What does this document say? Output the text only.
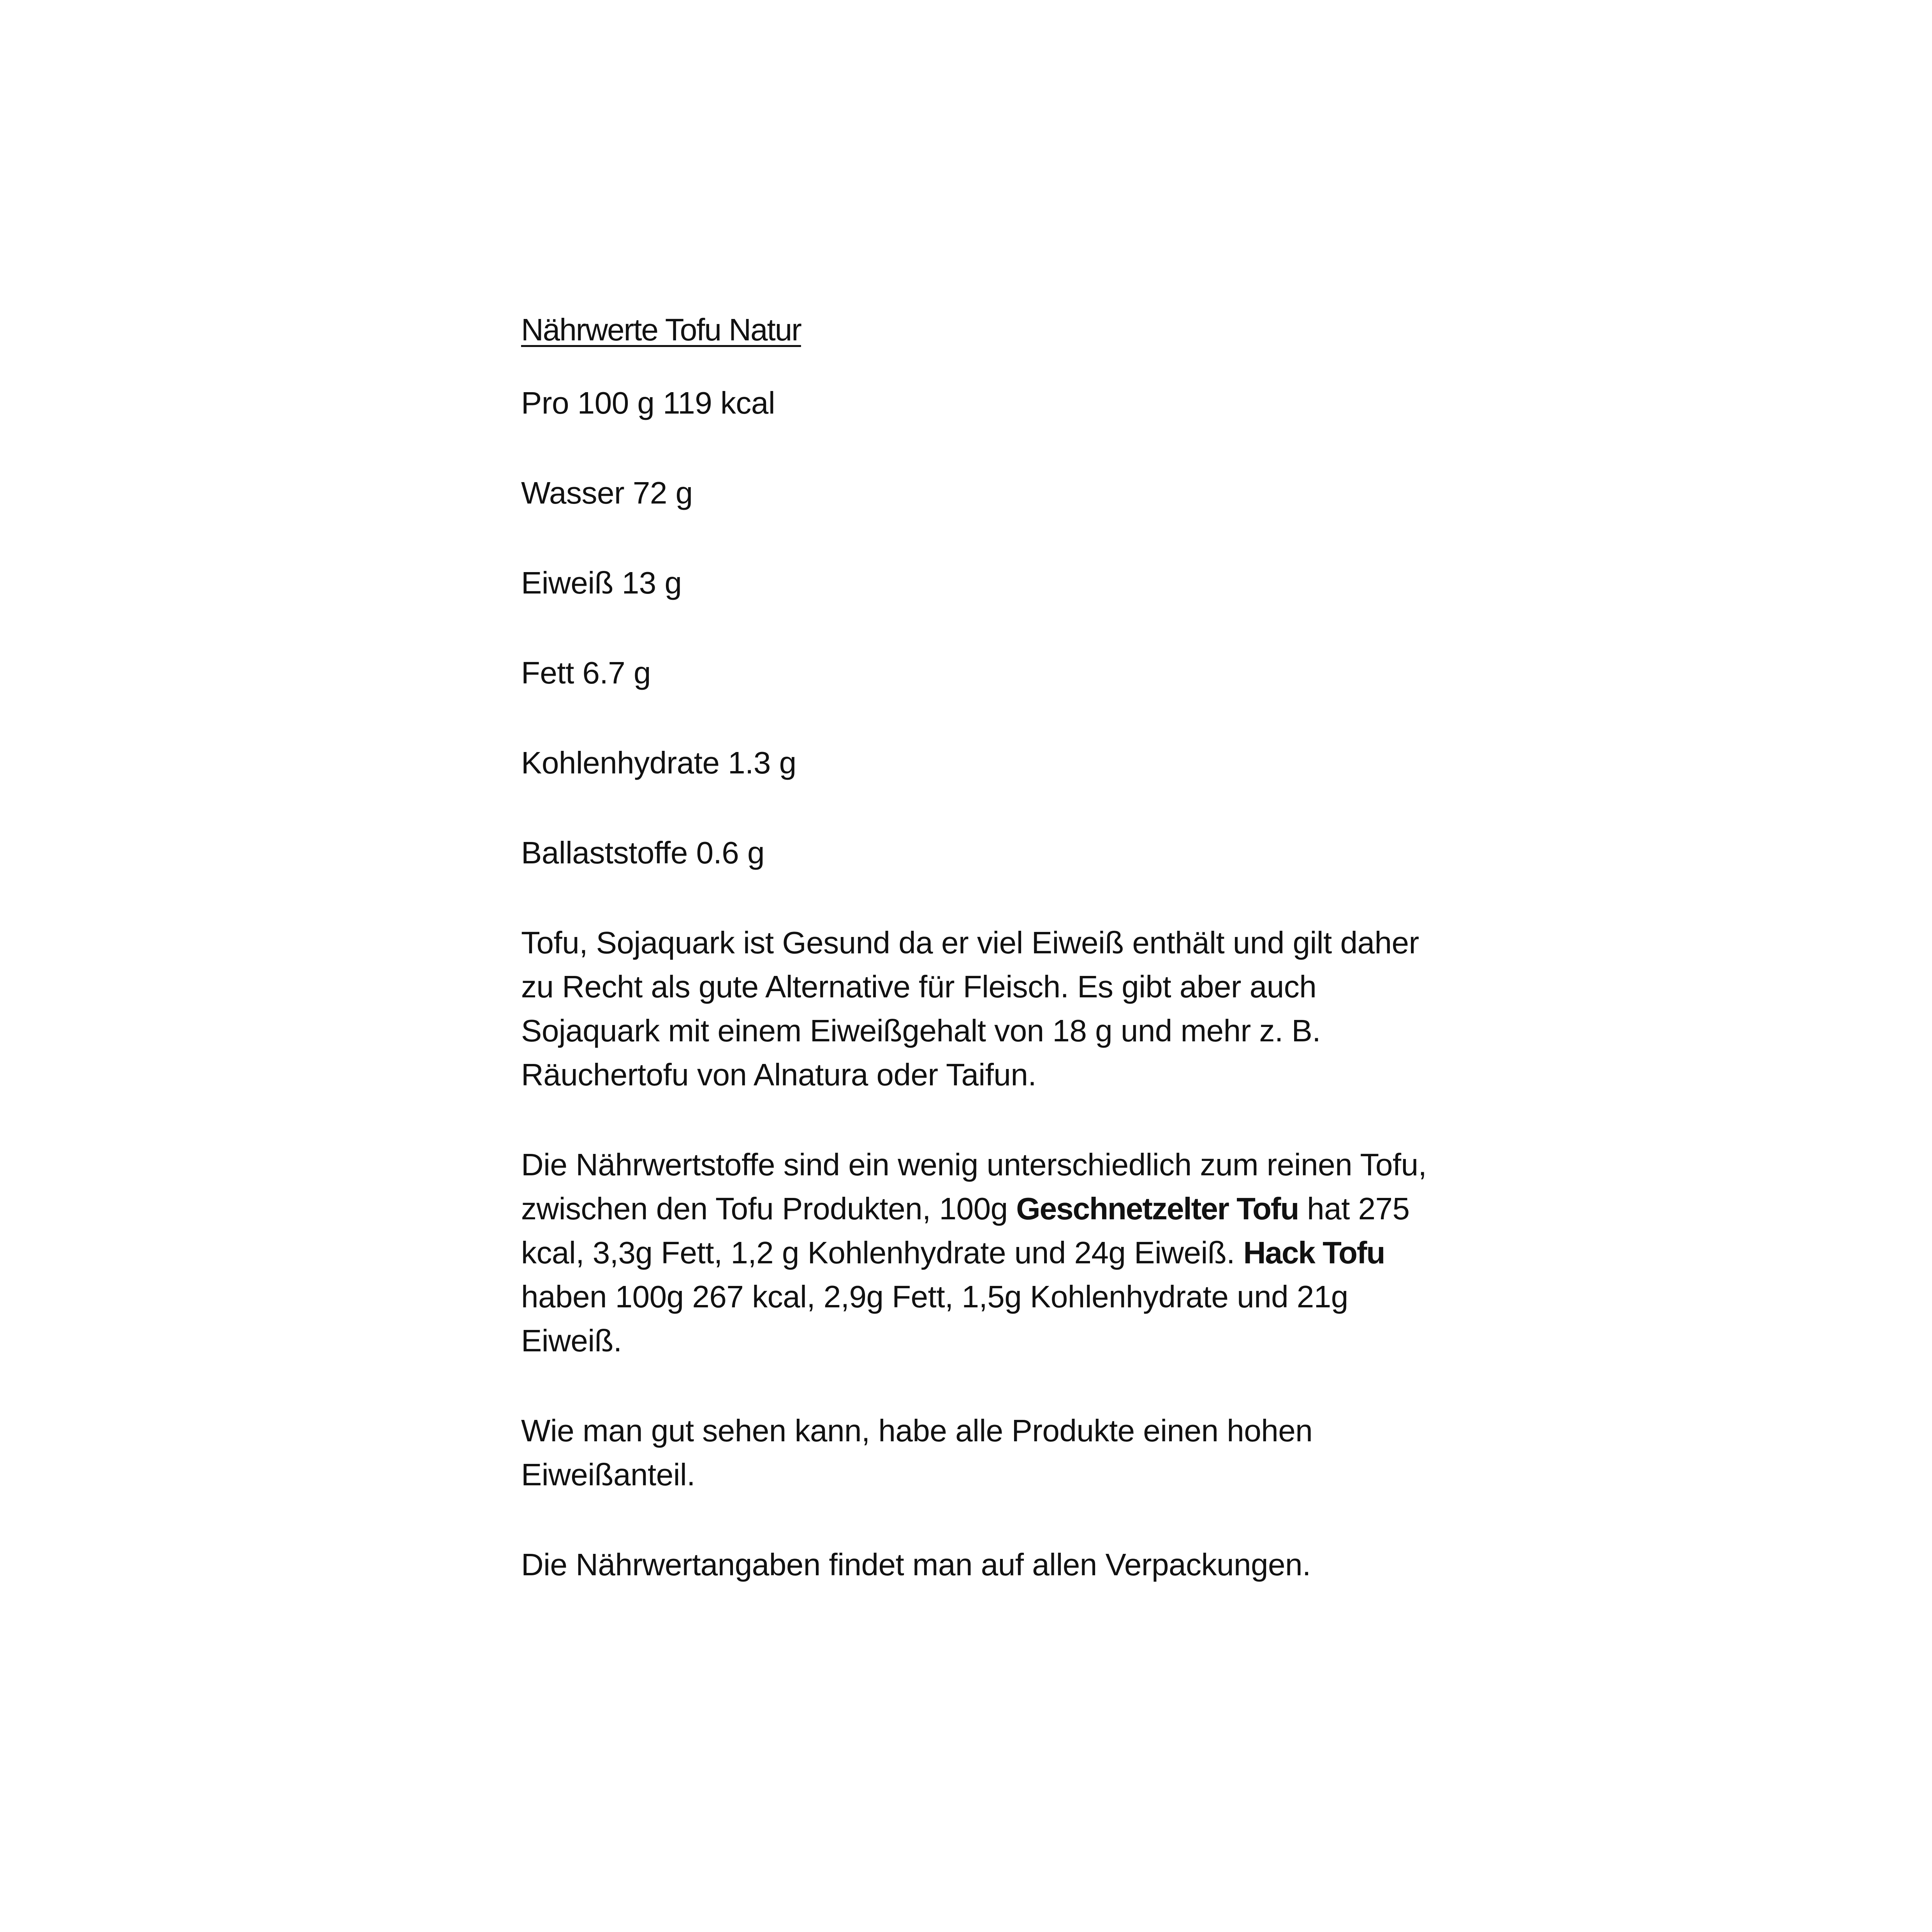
Nährwerte Tofu Natur

Pro 100 g 119 kcal

Wasser 72 g

Eiweiß 13 g

Fett 6.7 g

Kohlenhydrate 1.3 g

Ballaststoffe 0.6 g

Tofu, Sojaquark ist Gesund da er viel Eiweiß enthält und gilt daher zu Recht als gute Alternative für Fleisch. Es gibt aber auch Sojaquark mit einem Eiweißgehalt von 18 g und mehr z. B. Räuchertofu von Alnatura oder Taifun.

Die Nährwertstoffe sind ein wenig unterschiedlich zum reinen Tofu, zwischen den Tofu Produkten, 100g Geschnetzelter Tofu hat 275 kcal, 3,3g Fett, 1,2 g Kohlenhydrate und 24g Eiweiß. Hack Tofu haben 100g 267 kcal, 2,9g Fett, 1,5g Kohlenhydrate und 21g Eiweiß.

Wie man gut sehen kann, habe alle Produkte einen hohen Eiweißanteil.

Die Nährwertangaben findet man auf allen Verpackungen.
